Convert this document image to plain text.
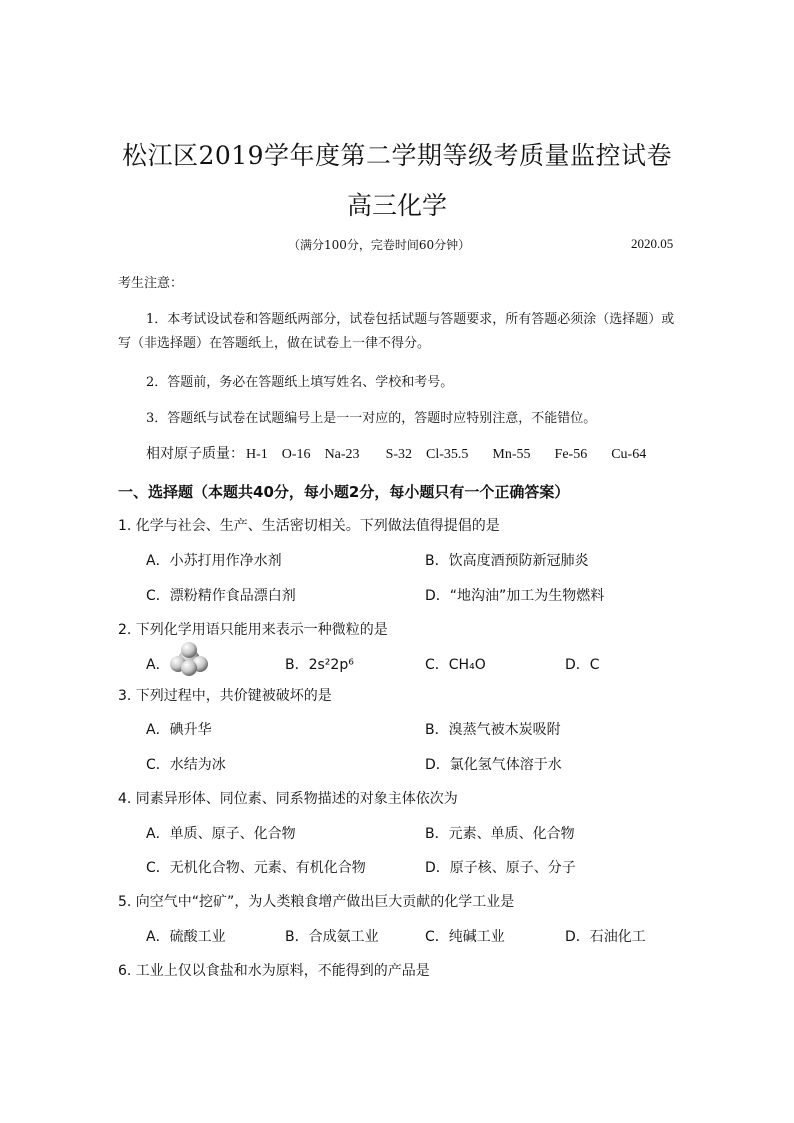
松江区2019学年度第二学期等级考质量监控试卷
高三化学
（满分100分，完卷时间60分钟）	2020.05
考生注意：
1．本考试设试卷和答题纸两部分，试卷包括试题与答题要求，所有答题必须涂（选择题）或写（非选择题）在答题纸上，做在试卷上一律不得分。
2．答题前，务必在答题纸上填写姓名、学校和考号。
3．答题纸与试卷在试题编号上是一一对应的，答题时应特别注意，不能错位。
相对原子质量： H-1 O-16 Na-23 S-32 Cl-35.5 Mn-55 Fe-56 Cu-64
一、选择题（本题共40分，每小题2分，每小题只有一个正确答案）
1. 化学与社会、生产、生活密切相关。下列做法值得提倡的是
A．小苏打用作净水剂	B．饮高度酒预防新冠肺炎
C．漂粉精作食品漂白剂	D．“地沟油”加工为生物燃料
2. 下列化学用语只能用来表示一种微粒的是
A．	B．2s²2p⁶	C．CH₄O	D．C
3. 下列过程中，共价键被破坏的是
A．碘升华	B．溴蒸气被木炭吸附
C．水结为冰	D．氯化氢气体溶于水
4. 同素异形体、同位素、同系物描述的对象主体依次为
A．单质、原子、化合物	B．元素、单质、化合物
C．无机化合物、元素、有机化合物	D．原子核、原子、分子
5. 向空气中“挖矿”，为人类粮食增产做出巨大贡献的化学工业是
A．硫酸工业	B．合成氨工业	C．纯碱工业	D．石油化工
6. 工业上仅以食盐和水为原料，不能得到的产品是
